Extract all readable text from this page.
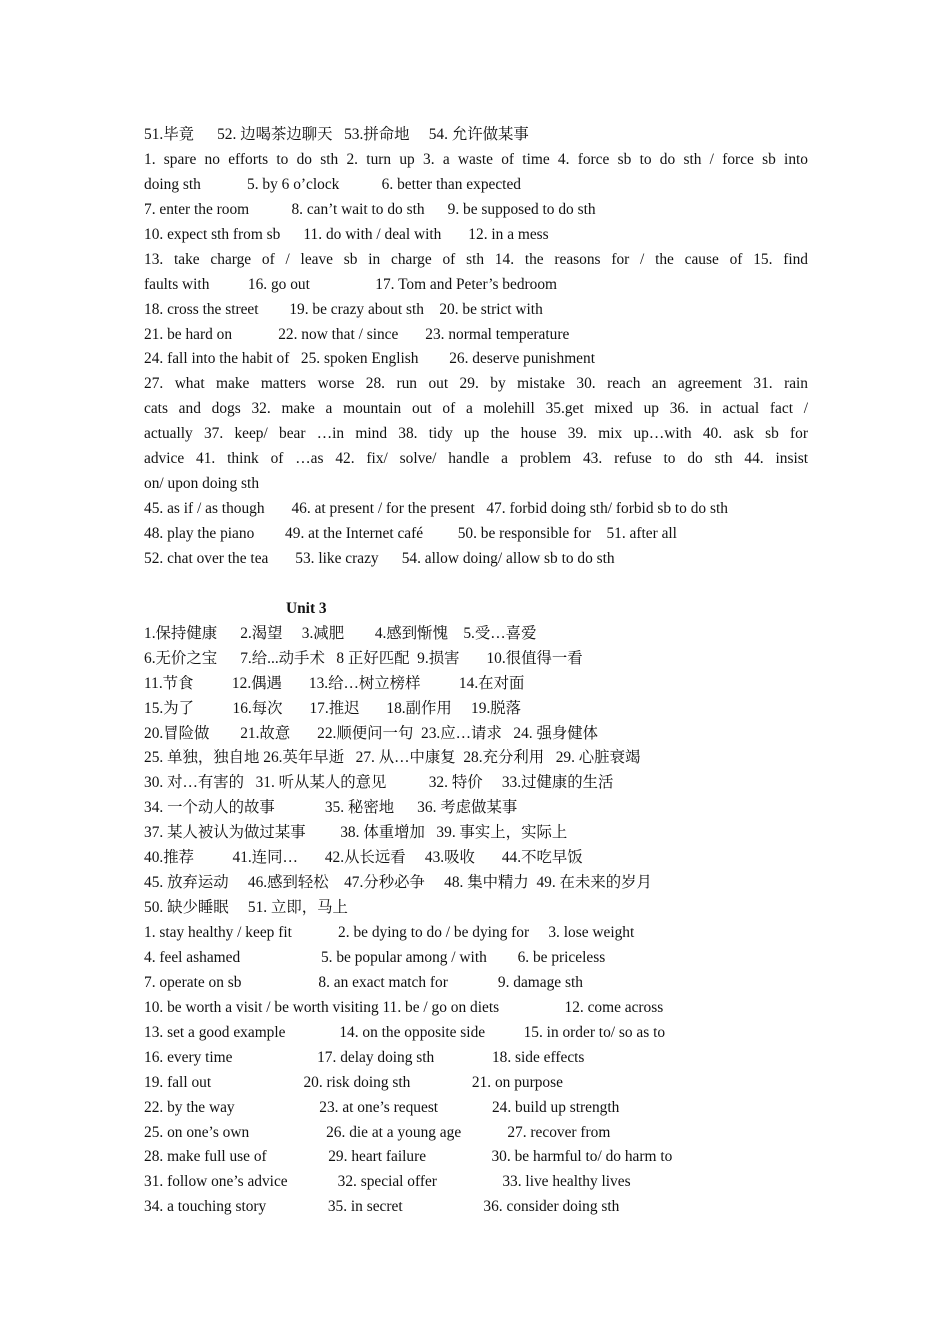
51.毕竟      52. 边喝茶边聊天   53.拼命地     54. 允许做某事
1. spare no efforts to do sth 2. turn up 3. a waste of time 4. force sb to do sth / force sb into
doing sth            5. by 6 o’clock           6. better than expected
7. enter the room           8. can’t wait to do sth      9. be supposed to do sth
10. expect sth from sb      11. do with / deal with       12. in a mess
13. take charge of / leave sb in charge of sth 14. the reasons for / the cause of 15. find
faults with          16. go out                 17. Tom and Peter’s bedroom
18. cross the street        19. be crazy about sth    20. be strict with
21. be hard on            22. now that / since       23. normal temperature
24. fall into the habit of   25. spoken English        26. deserve punishment
27. what make matters worse 28. run out 29. by mistake 30. reach an agreement 31. rain
cats and dogs 32. make a mountain out of a molehill 35.get mixed up 36. in actual fact /
actually 37. keep/ bear …in mind 38. tidy up the house 39. mix up…with 40. ask sb for
advice 41. think of …as 42. fix/ solve/ handle a problem 43. refuse to do sth 44. insist
on/ upon doing sth
45. as if / as though       46. at present / for the present   47. forbid doing sth/ forbid sb to do sth
48. play the piano        49. at the Internet café         50. be responsible for    51. after all
52. chat over the tea       53. like crazy      54. allow doing/ allow sb to do sth
Unit 3
1.保持健康      2.渴望     3.减肥        4.感到惭愧    5.受…喜爱
6.无价之宝      7.给...动手术   8 正好匹配  9.损害       10.很值得一看
11.节食          12.偶遇       13.给…树立榜样          14.在对面
15.为了          16.每次       17.推迟       18.副作用     19.脱落
20.冒险做        21.故意       22.顺便问一句  23.应…请求   24. 强身健体
25. 单独，独自地 26.英年早逝   27. 从…中康复  28.充分利用   29. 心脏衰竭
30. 对…有害的   31. 听从某人的意见           32. 特价     33.过健康的生活
34. 一个动人的故事             35. 秘密地      36. 考虑做某事
37. 某人被认为做过某事         38. 体重增加   39. 事实上，实际上
40.推荐          41.连同…       42.从长远看     43.吸收       44.不吃早饭
45. 放弃运动     46.感到轻松    47.分秒必争     48. 集中精力  49. 在未来的岁月
50. 缺少睡眠     51. 立即，马上
1. stay healthy / keep fit            2. be dying to do / be dying for     3. lose weight
4. feel ashamed                     5. be popular among / with        6. be priceless
7. operate on sb                    8. an exact match for             9. damage sth
10. be worth a visit / be worth visiting 11. be / go on diets                 12. come across
13. set a good example              14. on the opposite side          15. in order to/ so as to
16. every time                      17. delay doing sth               18. side effects
19. fall out                        20. risk doing sth                21. on purpose
22. by the way                      23. at one’s request              24. build up strength
25. on one’s own                    26. die at a young age            27. recover from
28. make full use of                29. heart failure                 30. be harmful to/ do harm to
31. follow one’s advice             32. special offer                 33. live healthy lives
34. a touching story                35. in secret                     36. consider doing sth
